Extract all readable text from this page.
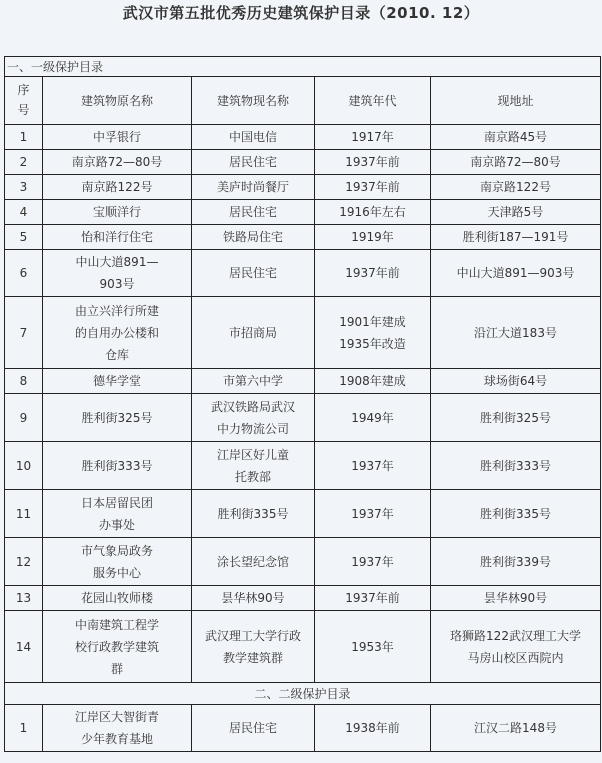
武汉市第五批优秀历史建筑保护目录（2010. 12）
一、一级保护目录				
序号	建筑物原名称	建筑物现名称	建筑年代	现地址
1	中孚银行	中国电信	1917年	南京路45号
2	南京路72—80号	居民住宅	1937年前	南京路72—80号
3	南京路122号	美庐时尚餐厅	1937年前	南京路122号
4	宝顺洋行	居民住宅	1916年左右	天津路5号
5	怡和洋行住宅	铁路局住宅	1919年	胜利街187—191号
6	中山大道891—903号	居民住宅	1937年前	中山大道891—903号
7	由立兴洋行所建的自用办公楼和仓库	市招商局	1901年建成1935年改造	沿江大道183号
8	德华学堂	市第六中学	1908年建成	球场街64号
9	胜利街325号	武汉铁路局武汉中力物流公司	1949年	胜利街325号
10	胜利街333号	江岸区好儿童托教部	1937年	胜利街333号
11	日本居留民团办事处	胜利街335号	1937年	胜利街335号
12	市气象局政务服务中心	涂长望纪念馆	1937年	胜利街339号
13	花园山牧师楼	昙华林90号	1937年前	昙华林90号
14	中南建筑工程学校行政教学建筑群	武汉理工大学行政教学建筑群	1953年	珞狮路122武汉理工大学马房山校区西院内
二、二级保护目录				
1	江岸区大智街青少年教育基地	居民住宅	1938年前	江汉二路148号
